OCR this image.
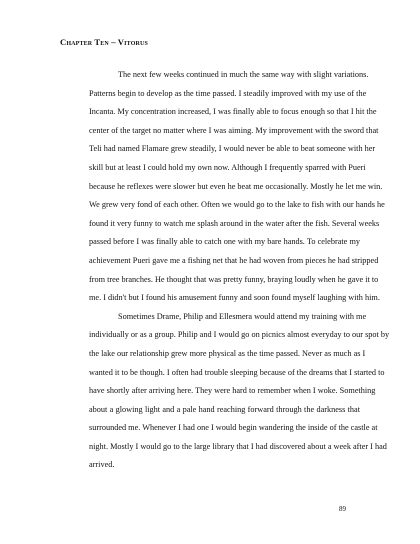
Chapter Ten – Vitorus

The next few weeks continued in much the same way with slight variations.
Patterns begin to develop as the time passed. I steadily improved with my use of the
Incanta. My concentration increased, I was finally able to focus enough so that I hit the
center of the target no matter where I was aiming. My improvement with the sword that
Teli had named Flamare grew steadily, I would never be able to beat someone with her
skill but at least I could hold my own now. Although I frequently sparred with Pueri
because he reflexes were slower but even he beat me occasionally. Mostly he let me win.
We grew very fond of each other. Often we would go to the lake to fish with our hands he
found it very funny to watch me splash around in the water after the fish. Several weeks
passed before I was finally able to catch one with my bare hands. To celebrate my
achievement Pueri gave me a fishing net that he had woven from pieces he had stripped
from tree branches. He thought that was pretty funny, braying loudly when he gave it to
me. I didn't but I found his amusement funny and soon found myself laughing with him.

Sometimes Drame, Philip and Ellesmera would attend my training with me
individually or as a group. Philip and I would go on picnics almost everyday to our spot by
the lake our relationship grew more physical as the time passed. Never as much as I
wanted it to be though. I often had trouble sleeping because of the dreams that I started to
have shortly after arriving here. They were hard to remember when I woke. Something
about a glowing light and a pale hand reaching forward through the darkness that
surrounded me. Whenever I had one I would begin wandering the inside of the castle at
night. Mostly I would go to the large library that I had discovered about a week after I had
arrived.

89
